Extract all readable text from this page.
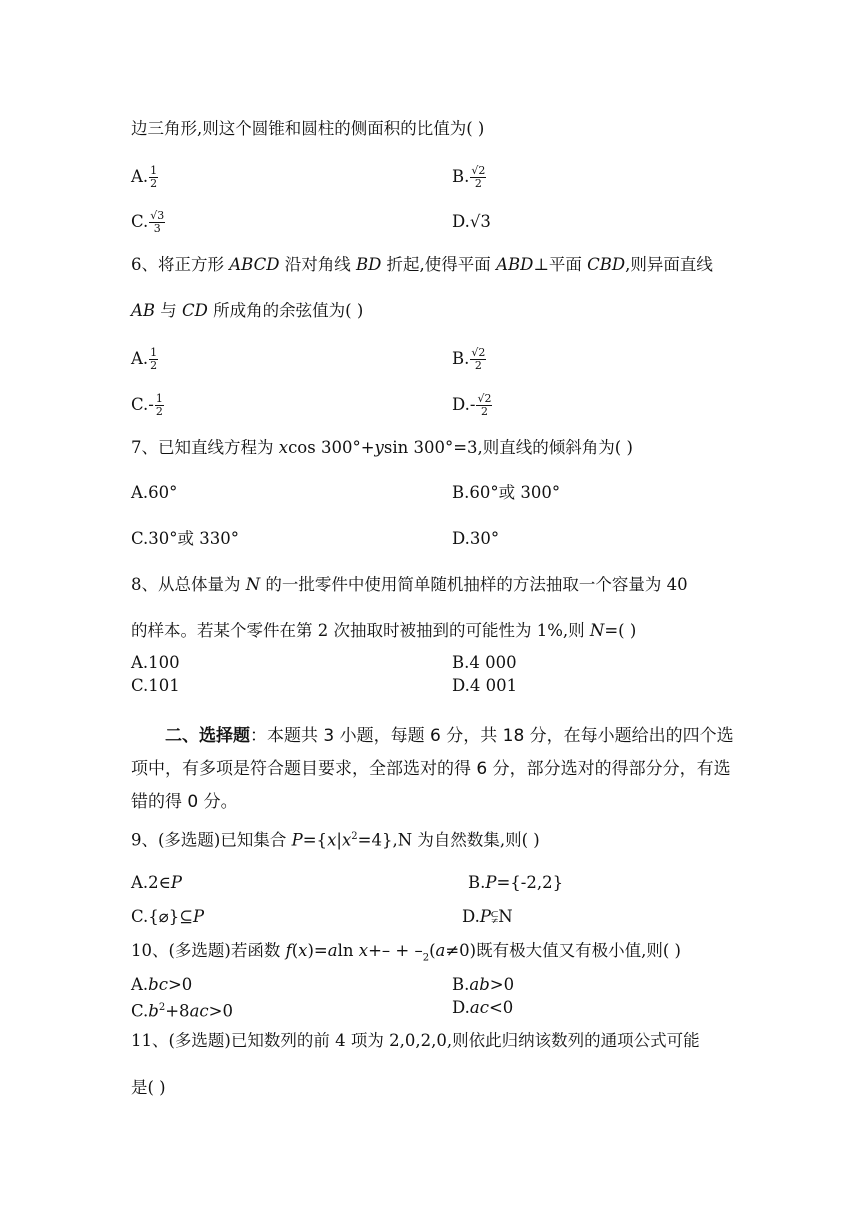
边三角形,则这个圆锥和圆柱的侧面积的比值为( )
A. $\frac{1}{2}$	B. $\frac{√2}{2}$
C. $\frac{√3}{3}$	D.√3
6、将正方形 ABCD 沿对角线 BD 折起,使得平面 ABD⊥平面 CBD,则异面直线
AB 与 CD 所成角的余弦值为( )
A. $\frac{1}{2}$	B. $\frac{√2}{2}$
$C.- \frac{1}{2}$	$D.- \frac{√2}{2}$
7、已知直线方程为 xcos 300°+ysin 300°=3,则直线的倾斜角为( )
A.60°	B.60°或 300°
C.30°或 330°	D.30°
8、从总体量为 N 的一批零件中使用简单随机抽样的方法抽取一个容量为 40
的样本。若某个零件在第 2 次抽取时被抽到的可能性为 1%,则 N=( )
A.100	B.4 000
C.101	D.4 001
二、选择题：本题共 3 小题，每题 6 分，共 18 分，在每小题给出的四个选项中，有多项是符合题目要求，全部选对的得 6 分，部分选对的得部分分，有选错的得 0 分。
9、(多选题)已知集合 $P=\{x|x^2=4\},N$ 为自然数集,则( )
A.2∈P	B.P={-2,2}
C.{⌀}⊆P	D.P⫋N
10、(多选题)若函数 f(x)=aln $x+- + -_2(a\ne 0)$既有极大值又有极小值,则( )
A.bc>0	B.ab>0
$C.b^2+8ac>0$	D.ac<0
11、(多选题)已知数列的前 4 项为 2,0,2,0,则依此归纳该数列的通项公式可能
是( )
